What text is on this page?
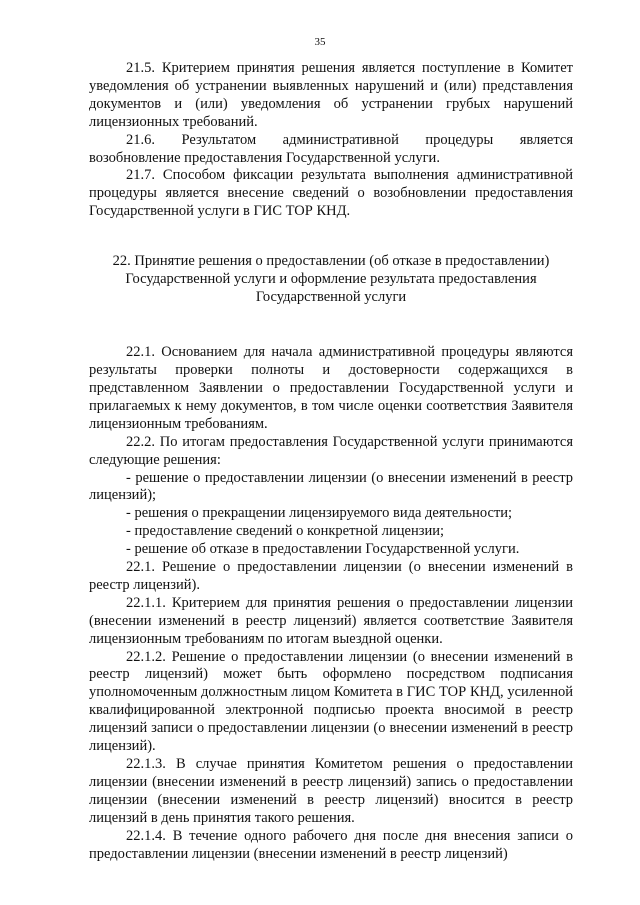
35

21.5. Критерием принятия решения является поступление в Комитет уведомления об устранении выявленных нарушений и (или) представления документов и (или) уведомления об устранении грубых нарушений лицензионных требований.

21.6. Результатом административной процедуры является возобновление предоставления Государственной услуги.

21.7. Способом фиксации результата выполнения административной процедуры является внесение сведений о возобновлении предоставления Государственной услуги в ГИС ТОР КНД.

22. Принятие решения о предоставлении (об отказе в предоставлении) Государственной услуги и оформление результата предоставления Государственной услуги

22.1. Основанием для начала административной процедуры являются результаты проверки полноты и достоверности содержащихся в представленном Заявлении о предоставлении Государственной услуги и прилагаемых к нему документов, в том числе оценки соответствия Заявителя лицензионным требованиям.

22.2. По итогам предоставления Государственной услуги принимаются следующие решения:

- решение о предоставлении лицензии (о внесении изменений в реестр лицензий);

- решения о прекращении лицензируемого вида деятельности;

- предоставление сведений о конкретной лицензии;

- решение об отказе в предоставлении Государственной услуги.

22.1. Решение о предоставлении лицензии (о внесении изменений в реестр лицензий).

22.1.1. Критерием для принятия решения о предоставлении лицензии (внесении изменений в реестр лицензий) является соответствие Заявителя лицензионным требованиям по итогам выездной оценки.

22.1.2. Решение о предоставлении лицензии (о внесении изменений в реестр лицензий) может быть оформлено посредством подписания уполномоченным должностным лицом Комитета в ГИС ТОР КНД, усиленной квалифицированной электронной подписью проекта вносимой в реестр лицензий записи о предоставлении лицензии (о внесении изменений в реестр лицензий).

22.1.3. В случае принятия Комитетом решения о предоставлении лицензии (внесении изменений в реестр лицензий) запись о предоставлении лицензии (внесении изменений в реестр лицензий) вносится в реестр лицензий в день принятия такого решения.

22.1.4. В течение одного рабочего дня после дня внесения записи о предоставлении лицензии (внесении изменений в реестр лицензий)
